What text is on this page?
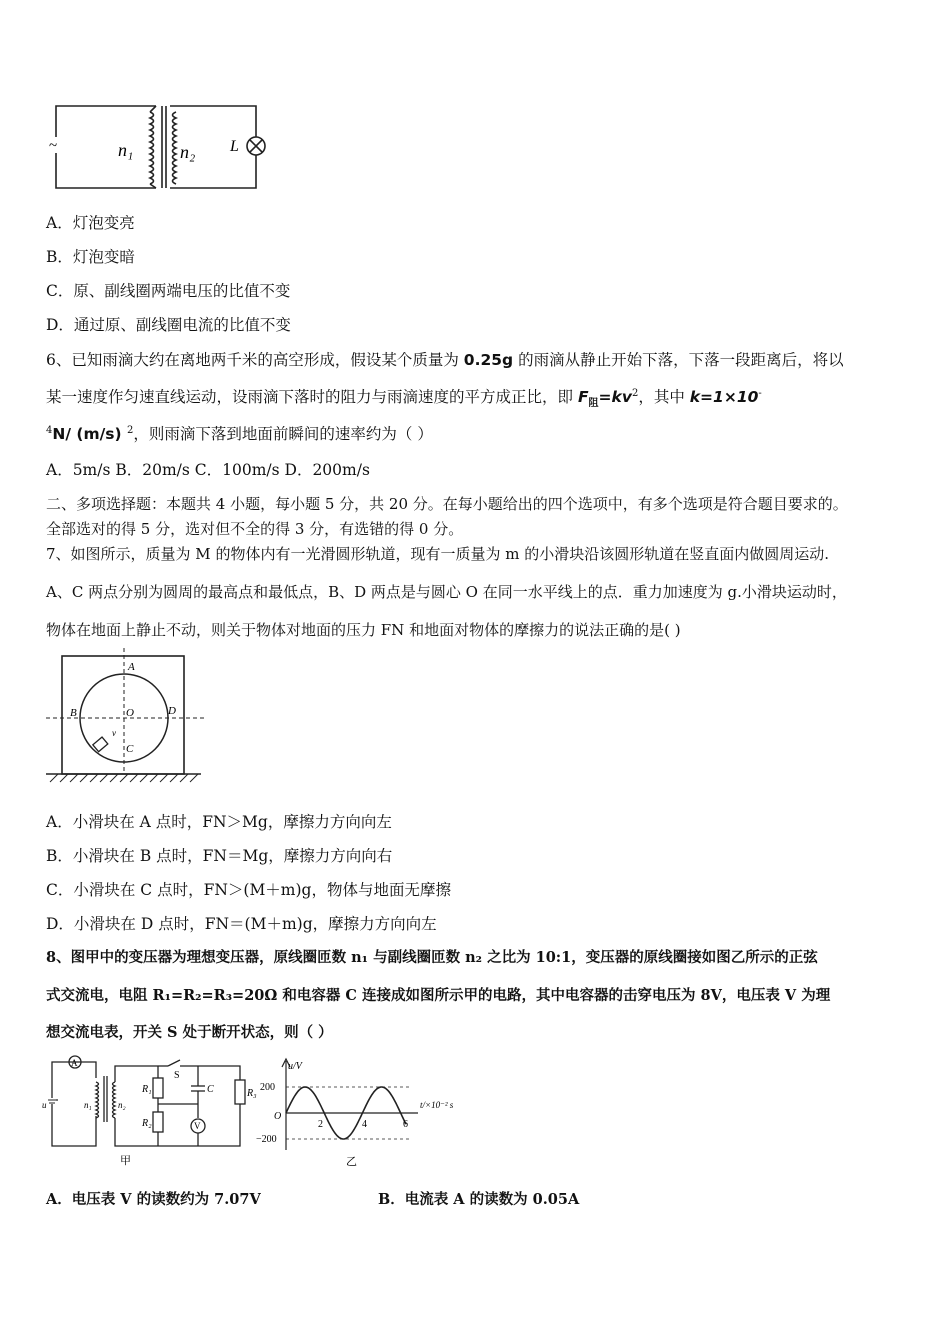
~	n₁	n₂ L
A．灯泡变亮
B．灯泡变暗
C．原、副线圈两端电压的比值不变
D．通过原、副线圈电流的比值不变
6、已知雨滴大约在离地两千米的高空形成，假设某个质量为 0.25g 的雨滴从静止开始下落，下落一段距离后，将以
某一速度作匀速直线运动，设雨滴下落时的阻力与雨滴速度的平方成正比，即 $F_阻=kv^2$，其中 k=1×10-
$^4$N/ (m/s) $^2$，则雨滴下落到地面前瞬间的速率约为（ ）
A．5m/s B．20m/s C．100m/s D．200m/s
二、多项选择题：本题共 4 小题，每小题 5 分，共 20 分。在每小题给出的四个选项中，有多个选项是符合题目要求的。
全部选对的得 5 分，选对但不全的得 3 分，有选错的得 0 分。
7、如图所示，质量为 M 的物体内有一光滑圆形轨道，现有一质量为 m 的小滑块沿该圆形轨道在竖直面内做圆周运动.
A、C 两点分别为圆周的最高点和最低点，B、D 两点是与圆心 O 在同一水平线上的点．重力加速度为 g.小滑块运动时，
物体在地面上静止不动，则关于物体对地面的压力 FN 和地面对物体的摩擦力的说法正确的是( )
A
B	D
O
C
v
A．小滑块在 A 点时，FN＞Mg，摩擦力方向向左
B．小滑块在 B 点时，FN＝Mg，摩擦力方向向右
C．小滑块在 C 点时，FN＞(M＋m)g，物体与地面无摩擦
D．小滑块在 D 点时，FN＝(M＋m)g，摩擦力方向向左
8、图甲中的变压器为理想变压器，原线圈匝数 n₁ 与副线圈匝数 n₂ 之比为 10:1，变压器的原线圈接如图乙所示的正弦
式交流电，电阻 R₁=R₂=R₃=20Ω 和电容器 C 连接成如图所示甲的电路，其中电容器的击穿电压为 8V，电压表 V 为理
想交流电表，开关 S 处于断开状态，则（ ）
A
V
u	n₁	n₂
R₁
R₂
R₃
S
C
甲
u/V
t/×10⁻² s
200
−200
O
2	4	6
乙
A．电压表 V 的读数约为 7.07V	B．电流表 A 的读数为 0.05A
